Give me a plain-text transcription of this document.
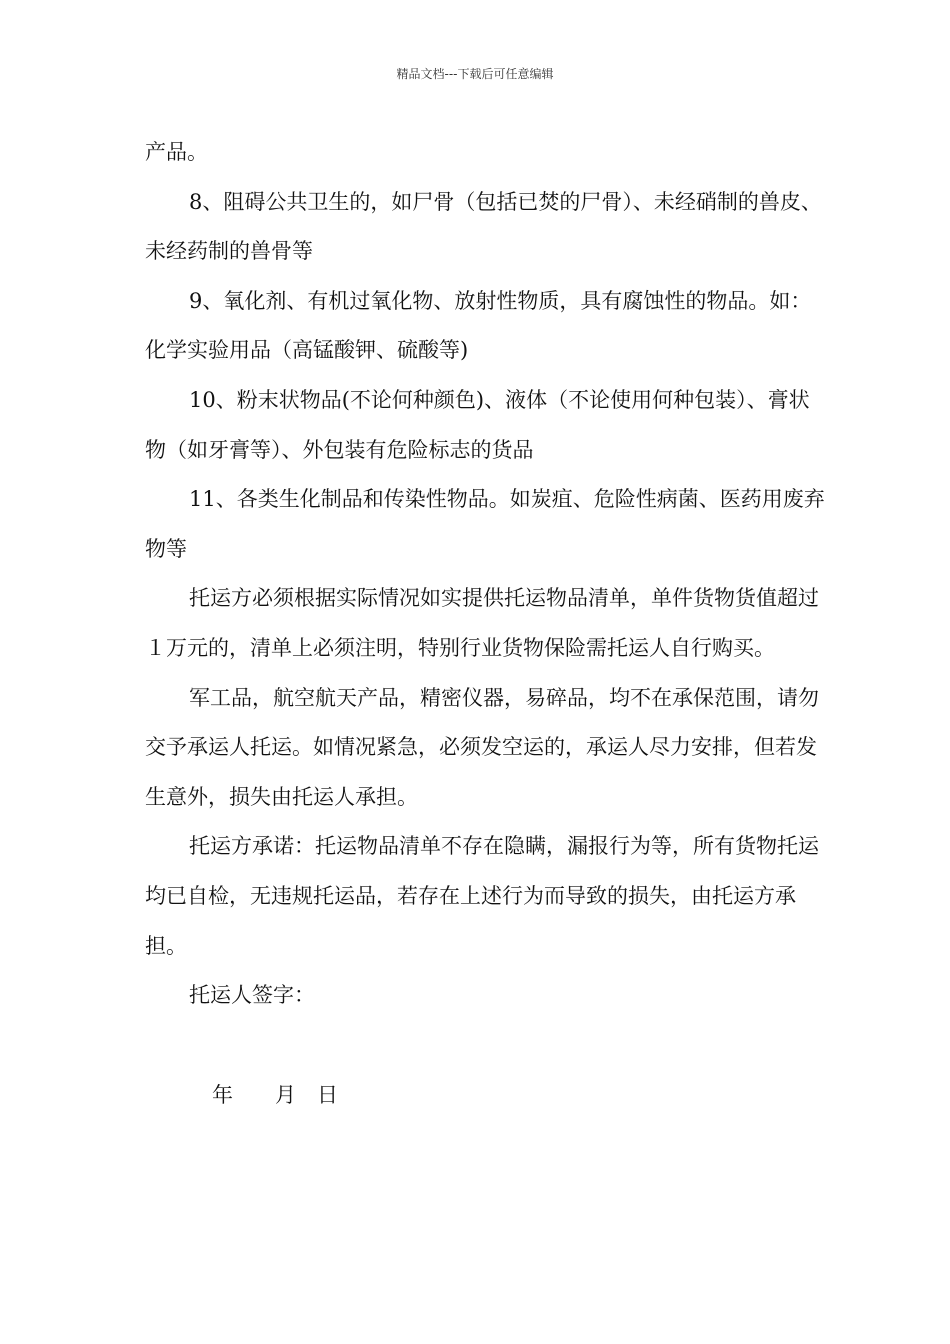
精品文档---下载后可任意编辑

产品。

8、阻碍公共卫生的，如尸骨（包括已焚的尸骨）、未经硝制的兽皮、未经药制的兽骨等

9、氧化剂、有机过氧化物、放射性物质，具有腐蚀性的物品。如：化学实验用品（高锰酸钾、硫酸等)

10、粉末状物品(不论何种颜色)、液体（不论使用何种包装）、膏状物（如牙膏等）、外包装有危险标志的货品

11、各类生化制品和传染性物品。如炭疽、危险性病菌、医药用废弃物等

托运方必须根据实际情况如实提供托运物品清单，单件货物货值超过１万元的，清单上必须注明，特别行业货物保险需托运人自行购买。

军工品，航空航天产品，精密仪器，易碎品，均不在承保范围，请勿交予承运人托运。如情况紧急，必须发空运的，承运人尽力安排，但若发生意外，损失由托运人承担。

托运方承诺：托运物品清单不存在隐瞒，漏报行为等，所有货物托运均已自检，无违规托运品，若存在上述行为而导致的损失，由托运方承担。

托运人签字：

年　　月　日
